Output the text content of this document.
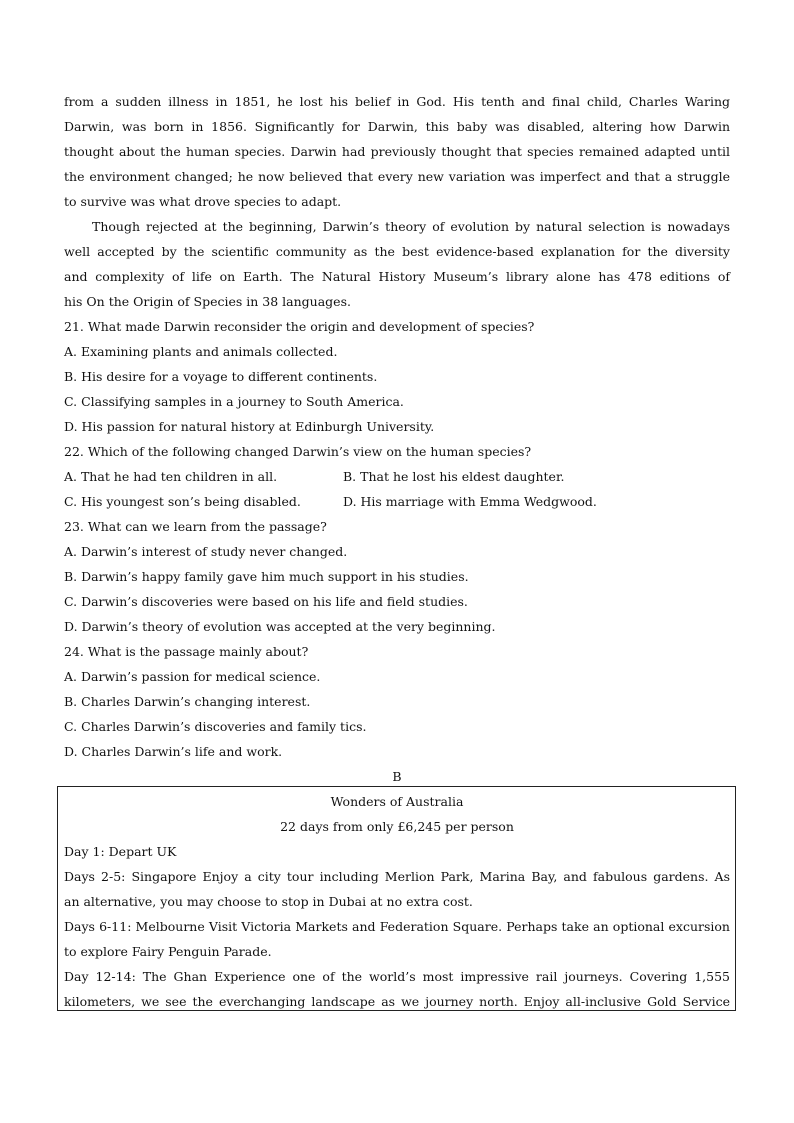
from a sudden illness in 1851, he lost his belief in God. His tenth and final child, Charles Waring
Darwin, was born in 1856. Significantly for Darwin, this baby was disabled, altering how Darwin
thought about the human species. Darwin had previously thought that species remained adapted until
the environment changed; he now believed that every new variation was imperfect and that a struggle
to survive was what drove species to adapt.
Though rejected at the beginning, Darwin’s theory of evolution by natural selection is nowadays
well accepted by the scientific community as the best evidence-based explanation for the diversity
and complexity of life on Earth. The Natural History Museum’s library alone has 478 editions of
his On the Origin of Species in 38 languages.
21. What made Darwin reconsider the origin and development of species?
A. Examining plants and animals collected.
B. His desire for a voyage to different continents.
C. Classifying samples in a journey to South America.
D. His passion for natural history at Edinburgh University.
22. Which of the following changed Darwin’s view on the human species?
A. That he had ten children in all.	B. That he lost his eldest daughter.
C. His youngest son’s being disabled.	D. His marriage with Emma Wedgwood.
23. What can we learn from the passage?
A. Darwin’s interest of study never changed.
B. Darwin’s happy family gave him much support in his studies.
C. Darwin’s discoveries were based on his life and field studies.
D. Darwin’s theory of evolution was accepted at the very beginning.
24. What is the passage mainly about?
A. Darwin’s passion for medical science.
B. Charles Darwin’s changing interest.
C. Charles Darwin’s discoveries and family tics.
D. Charles Darwin’s life and work.
B
Wonders of Australia
22 days from only £6,245 per person
Day 1: Depart UK
Days 2-5: Singapore Enjoy a city tour including Merlion Park, Marina Bay, and fabulous gardens. As
an alternative, you may choose to stop in Dubai at no extra cost.
Days 6-11: Melbourne Visit Victoria Markets and Federation Square. Perhaps take an optional excursion
to explore Fairy Penguin Parade.
Day 12-14: The Ghan Experience one of the world’s most impressive rail journeys. Covering 1,555
kilometers, we see the everchanging landscape as we journey north. Enjoy all-inclusive Gold Service
